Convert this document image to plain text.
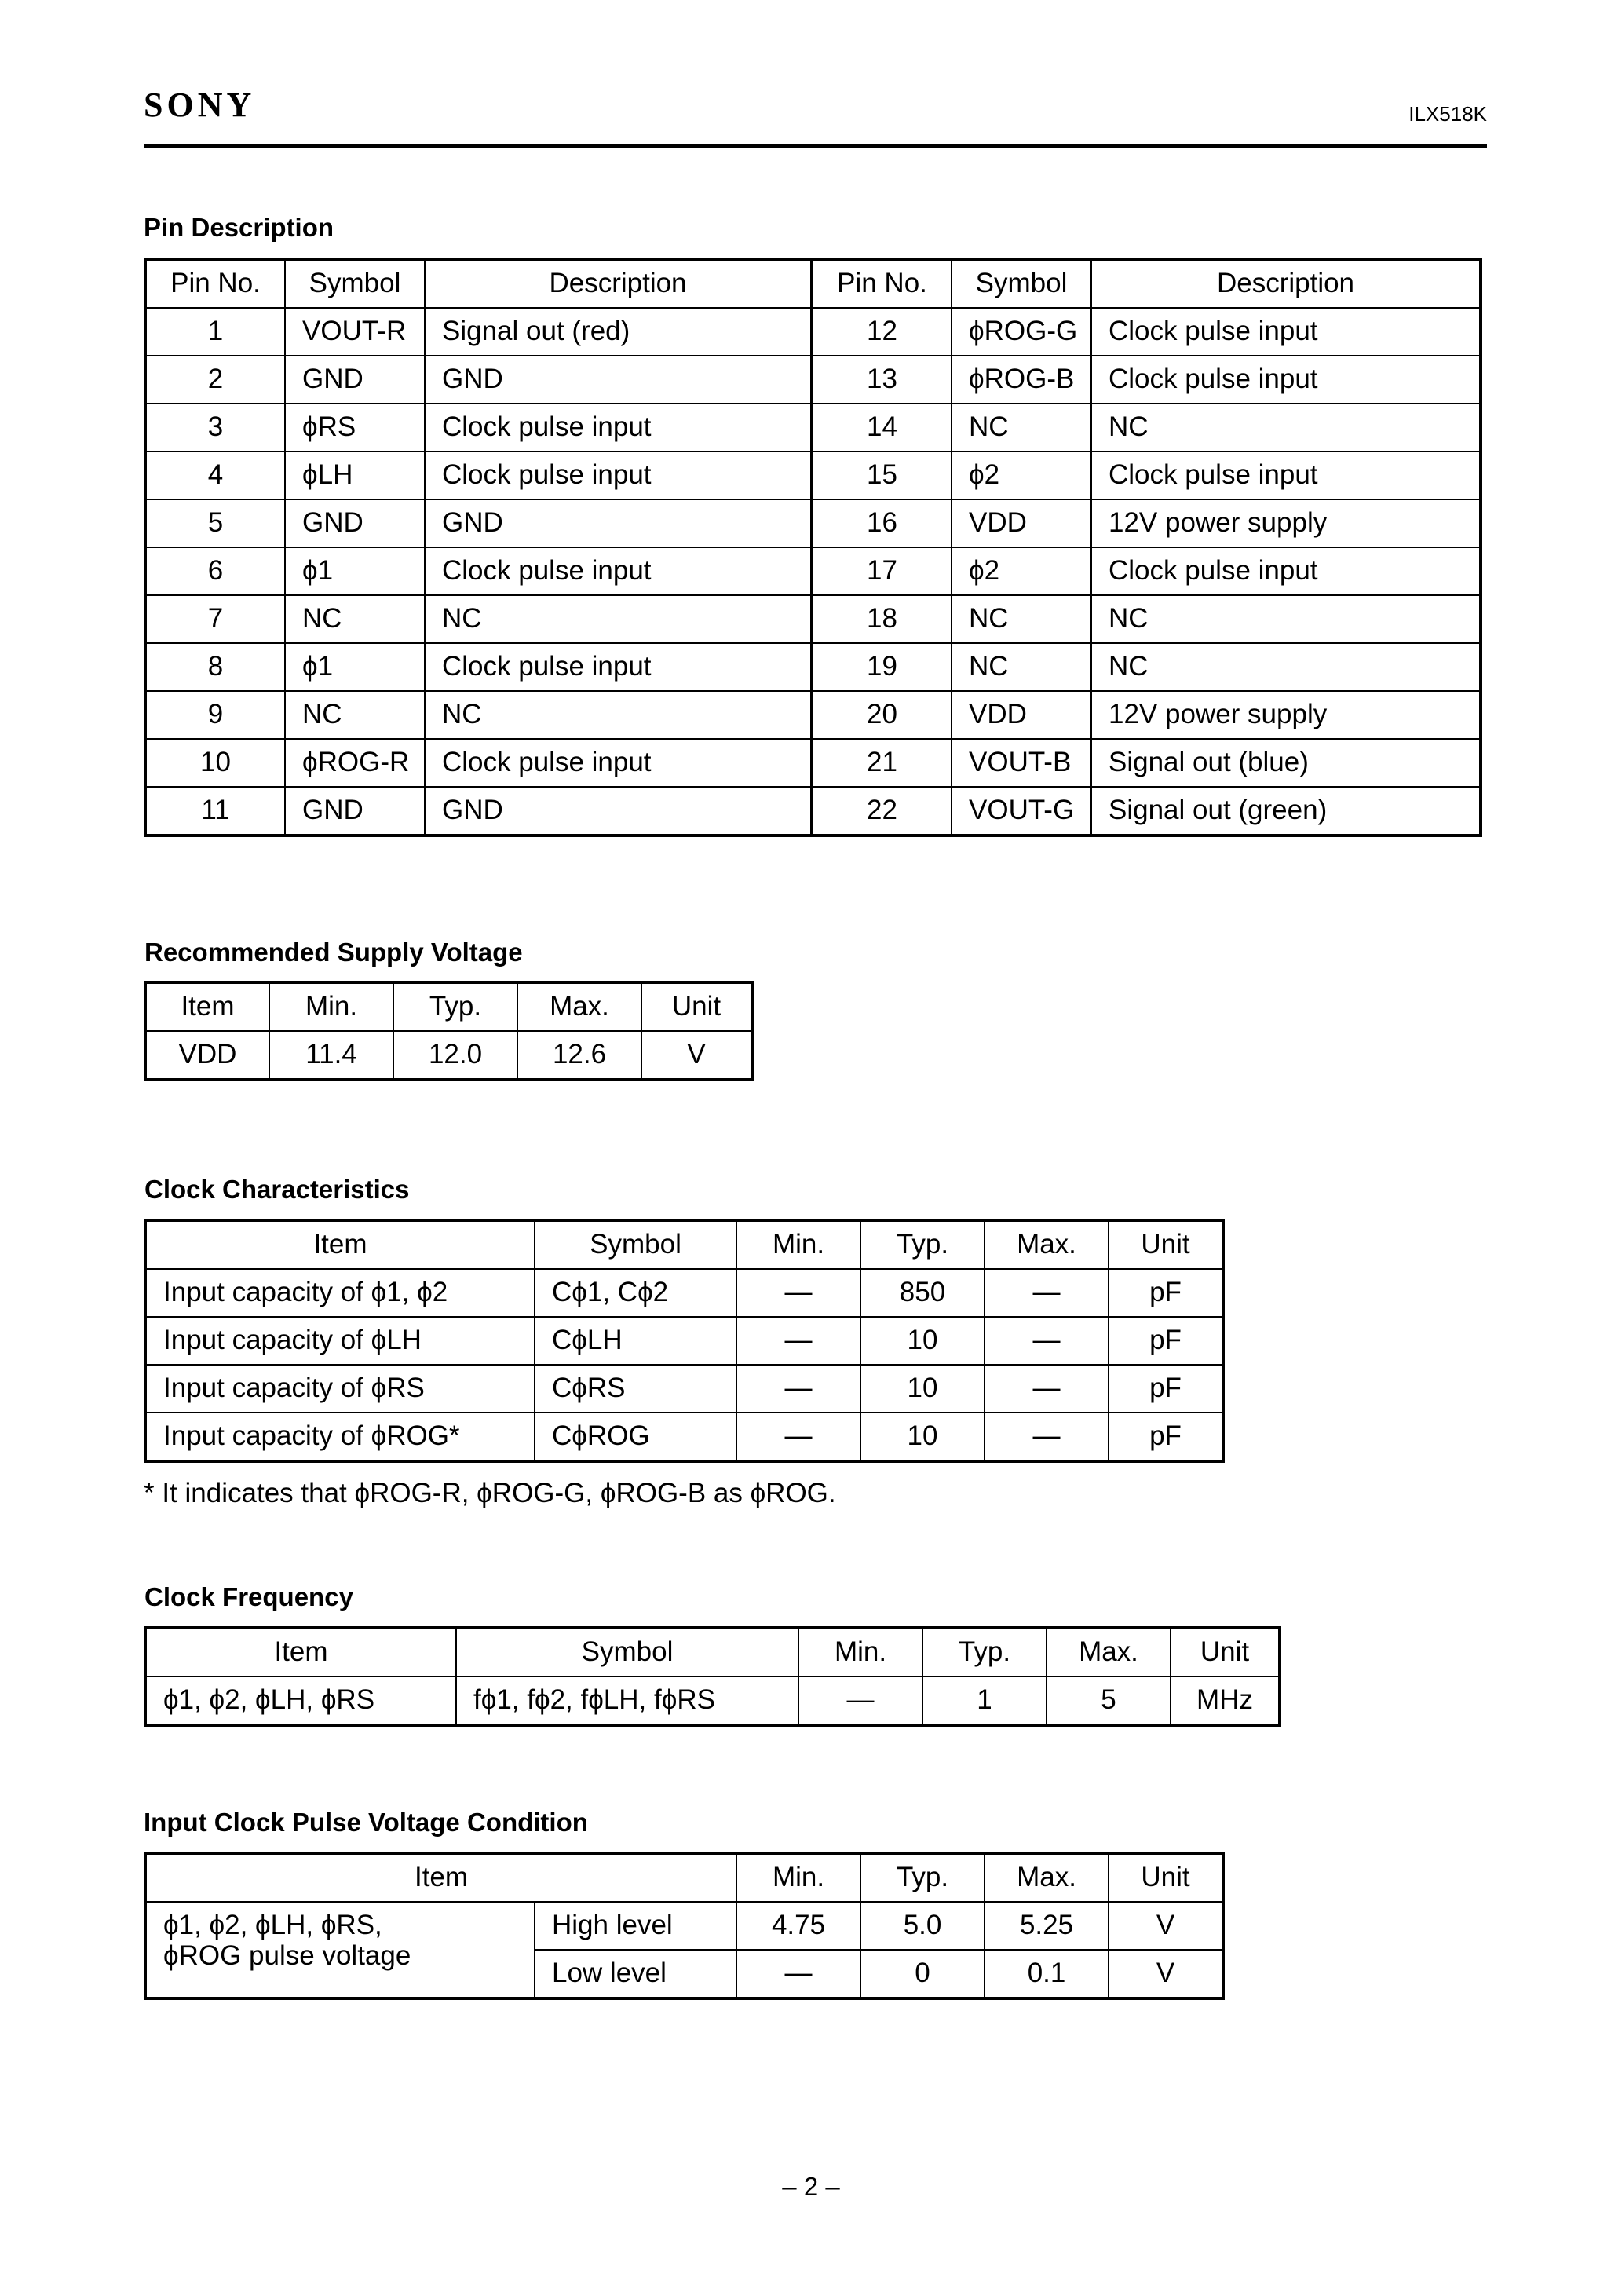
SONY	ILX518K
Pin Description
Pin No.	Symbol	Description	Pin No.	Symbol	Description
1	VOUT-R	Signal out (red)	12	ϕROG-G	Clock pulse input
2	GND	GND	13	ϕROG-B	Clock pulse input
3	ϕRS	Clock pulse input	14	NC	NC
4	ϕLH	Clock pulse input	15	ϕ2	Clock pulse input
5	GND	GND	16	VDD	12V power supply
6	ϕ1	Clock pulse input	17	ϕ2	Clock pulse input
7	NC	NC	18	NC	NC
8	ϕ1	Clock pulse input	19	NC	NC
9	NC	NC	20	VDD	12V power supply
10	ϕROG-R	Clock pulse input	21	VOUT-B	Signal out (blue)
11	GND	GND	22	VOUT-G	Signal out (green)
Recommended Supply Voltage
Item	Min.	Typ.	Max.	Unit
VDD	11.4	12.0	12.6	V
Clock Characteristics
Item	Symbol	Min.	Typ.	Max.	Unit
Input capacity of ϕ1, ϕ2	Cϕ1, Cϕ2	—	850	—	pF
Input capacity of ϕLH	CϕLH	—	10	—	pF
Input capacity of ϕRS	CϕRS	—	10	—	pF
Input capacity of ϕROG*	CϕROG	—	10	—	pF
* It indicates that ϕROG-R, ϕROG-G, ϕROG-B as ϕROG.
Clock Frequency
Item	Symbol	Min.	Typ.	Max.	Unit
ϕ1, ϕ2, ϕLH, ϕRS	fϕ1, fϕ2, fϕLH, fϕRS	—	1	5	MHz
Input Clock Pulse Voltage Condition
Item		Min.	Typ.	Max.	Unit

ϕ1, ϕ2, ϕLH, ϕRS,
ϕROG pulse voltage	High level	4.75	5.0	5.25	V
	Low level	—	0	0.1	V
– 2 –
